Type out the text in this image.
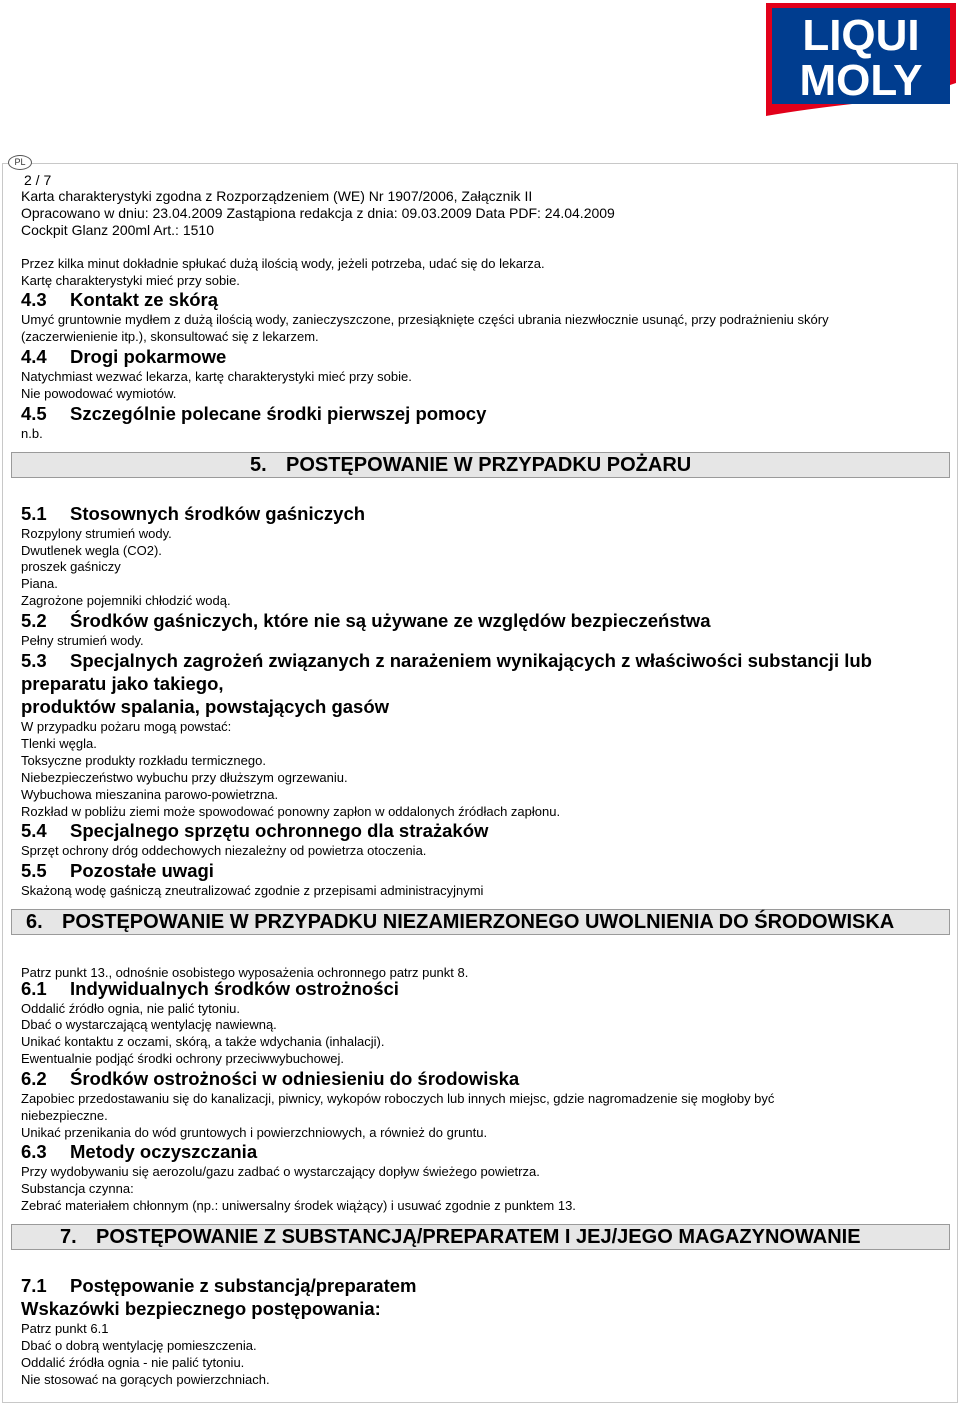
LIQUI
MOLY
PL
2 / 7
Karta charakterystyki zgodna z Rozporządzeniem (WE) Nr 1907/2006, Załącznik II
Opracowano w dniu: 23.04.2009 Zastąpiona redakcja z dnia: 09.03.2009 Data PDF: 24.04.2009
Cockpit Glanz 200ml Art.: 1510
Przez kilka minut dokładnie spłukać dużą ilością wody, jeżeli potrzeba, udać się do lekarza.
Kartę charakterystyki mieć przy sobie.
4.3 Kontakt ze skórą
Umyć gruntownie mydłem z dużą ilością wody, zanieczyszczone, przesiąknięte części ubrania niezwłocznie usunąć, przy podrażnieniu skóry
(zaczerwienienie itp.), skonsultować się z lekarzem.
4.4 Drogi pokarmowe
Natychmiast wezwać lekarza, kartę charakterystyki mieć przy sobie.
Nie powodować wymiotów.
4.5 Szczególnie polecane środki pierwszej pomocy
n.b.
5. POSTĘPOWANIE W PRZYPADKU POŻARU
5.1 Stosownych środków gaśniczych
Rozpylony strumień wody.
Dwutlenek wegla (CO2).
proszek gaśniczy
Piana.
Zagrożone pojemniki chłodzić wodą.
5.2 Środków gaśniczych, które nie są używane ze względów bezpieczeństwa
Pełny strumień wody.
5.3 Specjalnych zagrożeń związanych z narażeniem wynikających z właściwości substancji lub
preparatu jako takiego,
produktów spalania, powstających gasów
W przypadku pożaru mogą powstać:
Tlenki węgla.
Toksyczne produkty rozkładu termicznego.
Niebezpieczeństwo wybuchu przy dłuższym ogrzewaniu.
Wybuchowa mieszanina parowo-powietrzna.
Rozkład w pobliżu ziemi może spowodować ponowny zapłon w oddalonych źródłach zapłonu.
5.4 Specjalnego sprzętu ochronnego dla strażaków
Sprzęt ochrony dróg oddechowych niezależny od powietrza otoczenia.
5.5 Pozostałe uwagi
Skażoną wodę gaśniczą zneutralizować zgodnie z przepisami administracyjnymi
6. POSTĘPOWANIE W PRZYPADKU NIEZAMIERZONEGO UWOLNIENIA DO ŚRODOWISKA
Patrz punkt 13., odnośnie osobistego wyposażenia ochronnego patrz punkt 8.
6.1 Indywidualnych środków ostrożności
Oddalić źródło ognia, nie palić tytoniu.
Dbać o wystarczającą wentylację nawiewną.
Unikać kontaktu z oczami, skórą, a także wdychania (inhalacji).
Ewentualnie podjąć środki ochrony przeciwwybuchowej.
6.2 Środków ostrożności w odniesieniu do środowiska
Zapobiec przedostawaniu się do kanalizacji, piwnicy, wykopów roboczych lub innych miejsc, gdzie nagromadzenie się mogłoby być
niebezpieczne.
Unikać przenikania do wód gruntowych i powierzchniowych, a również do gruntu.
6.3 Metody oczyszczania
Przy wydobywaniu się aerozolu/gazu zadbać o wystarczający dopływ świeżego powietrza.
Substancja czynna:
Zebrać materiałem chłonnym (np.: uniwersalny środek wiążący) i usuwać zgodnie z punktem 13.
7. POSTĘPOWANIE Z SUBSTANCJĄ/PREPARATEM I JEJ/JEGO MAGAZYNOWANIE
7.1 Postępowanie z substancją/preparatem
Wskazówki bezpiecznego postępowania:
Patrz punkt 6.1
Dbać o dobrą wentylację pomieszczenia.
Oddalić źródła ognia - nie palić tytoniu.
Nie stosować na gorących powierzchniach.
